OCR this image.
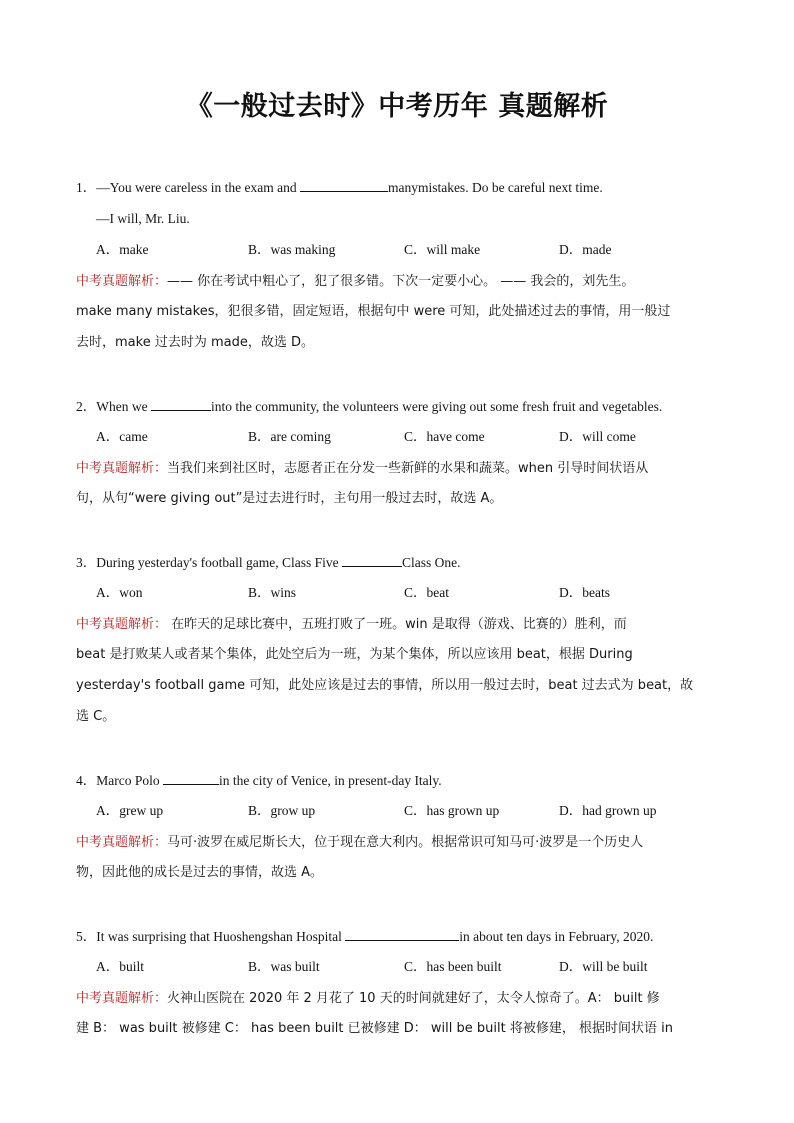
《一般过去时》中考历年 真题解析
1．—You were careless in the exam and	manymistakes. Do be careful next time.
—I will, Mr. Liu.
A．make	B．was making	C．will make	D．made
中考真题解析：—— 你在考试中粗心了，犯了很多错。下次一定要小心。 —— 我会的，刘先生。
make many mistakes，犯很多错，固定短语，根据句中 were 可知，此处描述过去的事情，用一般过
去时，make 过去时为 made，故选 D。
2．When we	into the community, the volunteers were giving out some fresh fruit and vegetables.
A．came	B．are coming	C．have come	D．will come
中考真题解析：当我们来到社区时，志愿者正在分发一些新鲜的水果和蔬菜。when 引导时间状语从
句，从句“were giving out”是过去进行时，主句用一般过去时，故选 A。
3．During yesterday's football game, Class Five	Class One.
A．won	B．wins	C．beat	D．beats
中考真题解析： 在昨天的足球比赛中，五班打败了一班。win 是取得（游戏、比赛的）胜利，而
beat 是打败某人或者某个集体，此处空后为一班，为某个集体，所以应该用 beat，根据 During
yesterday's football game 可知，此处应该是过去的事情，所以用一般过去时，beat 过去式为 beat，故
选 C。
4．Marco Polo	in the city of Venice, in present-day Italy.
A．grew up	B．grow up	C．has grown up	D．had grown up
中考真题解析：马可·波罗在威尼斯长大，位于现在意大利内。根据常识可知马可·波罗是一个历史人
物，因此他的成长是过去的事情，故选 A。
5．It was surprising that Huoshengshan Hospital	in about ten days in February, 2020.
A．built	B．was built	C．has been built	D．will be built
中考真题解析：火神山医院在 2020 年 2 月花了 10 天的时间就建好了，太令人惊奇了。A： built 修
建 B： was built 被修建 C： has been built 已被修建 D： will be built 将被修建， 根据时间状语 in
